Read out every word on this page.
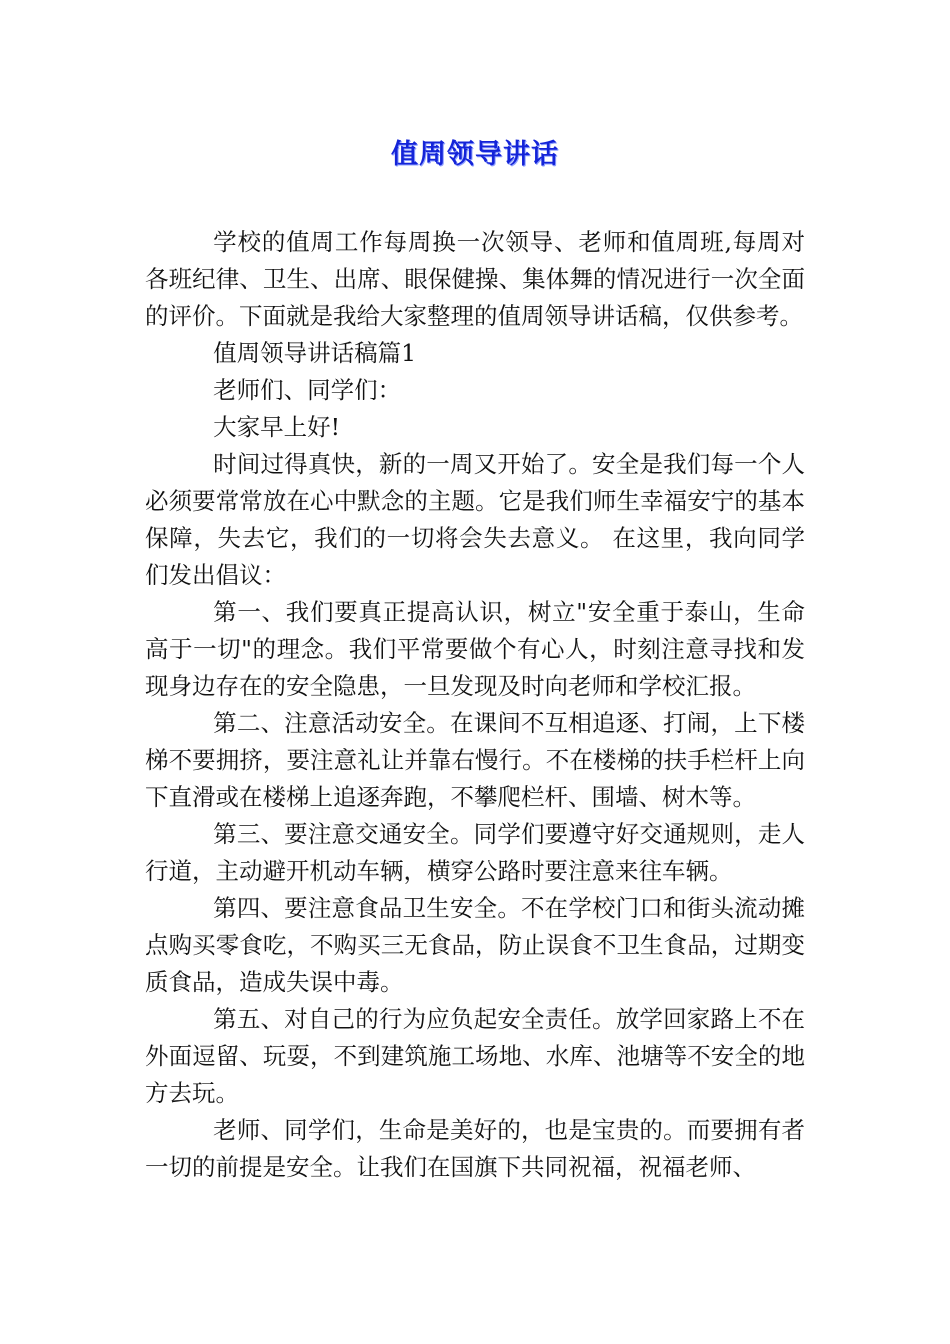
值周领导讲话

学校的值周工作每周换一次领导、老师和值周班,每周对各班纪律、卫生、出席、眼保健操、集体舞的情况进行一次全面的评价。下面就是我给大家整理的值周领导讲话稿，仅供参考。

值周领导讲话稿篇1

老师们、同学们：

大家早上好!

时间过得真快，新的一周又开始了。安全是我们每一个人必须要常常放在心中默念的主题。它是我们师生幸福安宁的基本保障，失去它，我们的一切将会失去意义。 在这里，我向同学们发出倡议：

第一、我们要真正提高认识，树立"安全重于泰山，生命高于一切"的理念。我们平常要做个有心人，时刻注意寻找和发现身边存在的安全隐患，一旦发现及时向老师和学校汇报。

第二、注意活动安全。在课间不互相追逐、打闹，上下楼梯不要拥挤，要注意礼让并靠右慢行。不在楼梯的扶手栏杆上向下直滑或在楼梯上追逐奔跑，不攀爬栏杆、围墙、树木等。

第三、要注意交通安全。同学们要遵守好交通规则，走人行道，主动避开机动车辆，横穿公路时要注意来往车辆。

第四、要注意食品卫生安全。不在学校门口和街头流动摊点购买零食吃，不购买三无食品，防止误食不卫生食品，过期变质食品，造成失误中毒。

第五、对自己的行为应负起安全责任。放学回家路上不在外面逗留、玩耍，不到建筑施工场地、水库、池塘等不安全的地方去玩。

老师、同学们，生命是美好的，也是宝贵的。而要拥有者一切的前提是安全。让我们在国旗下共同祝福，祝福老师、
